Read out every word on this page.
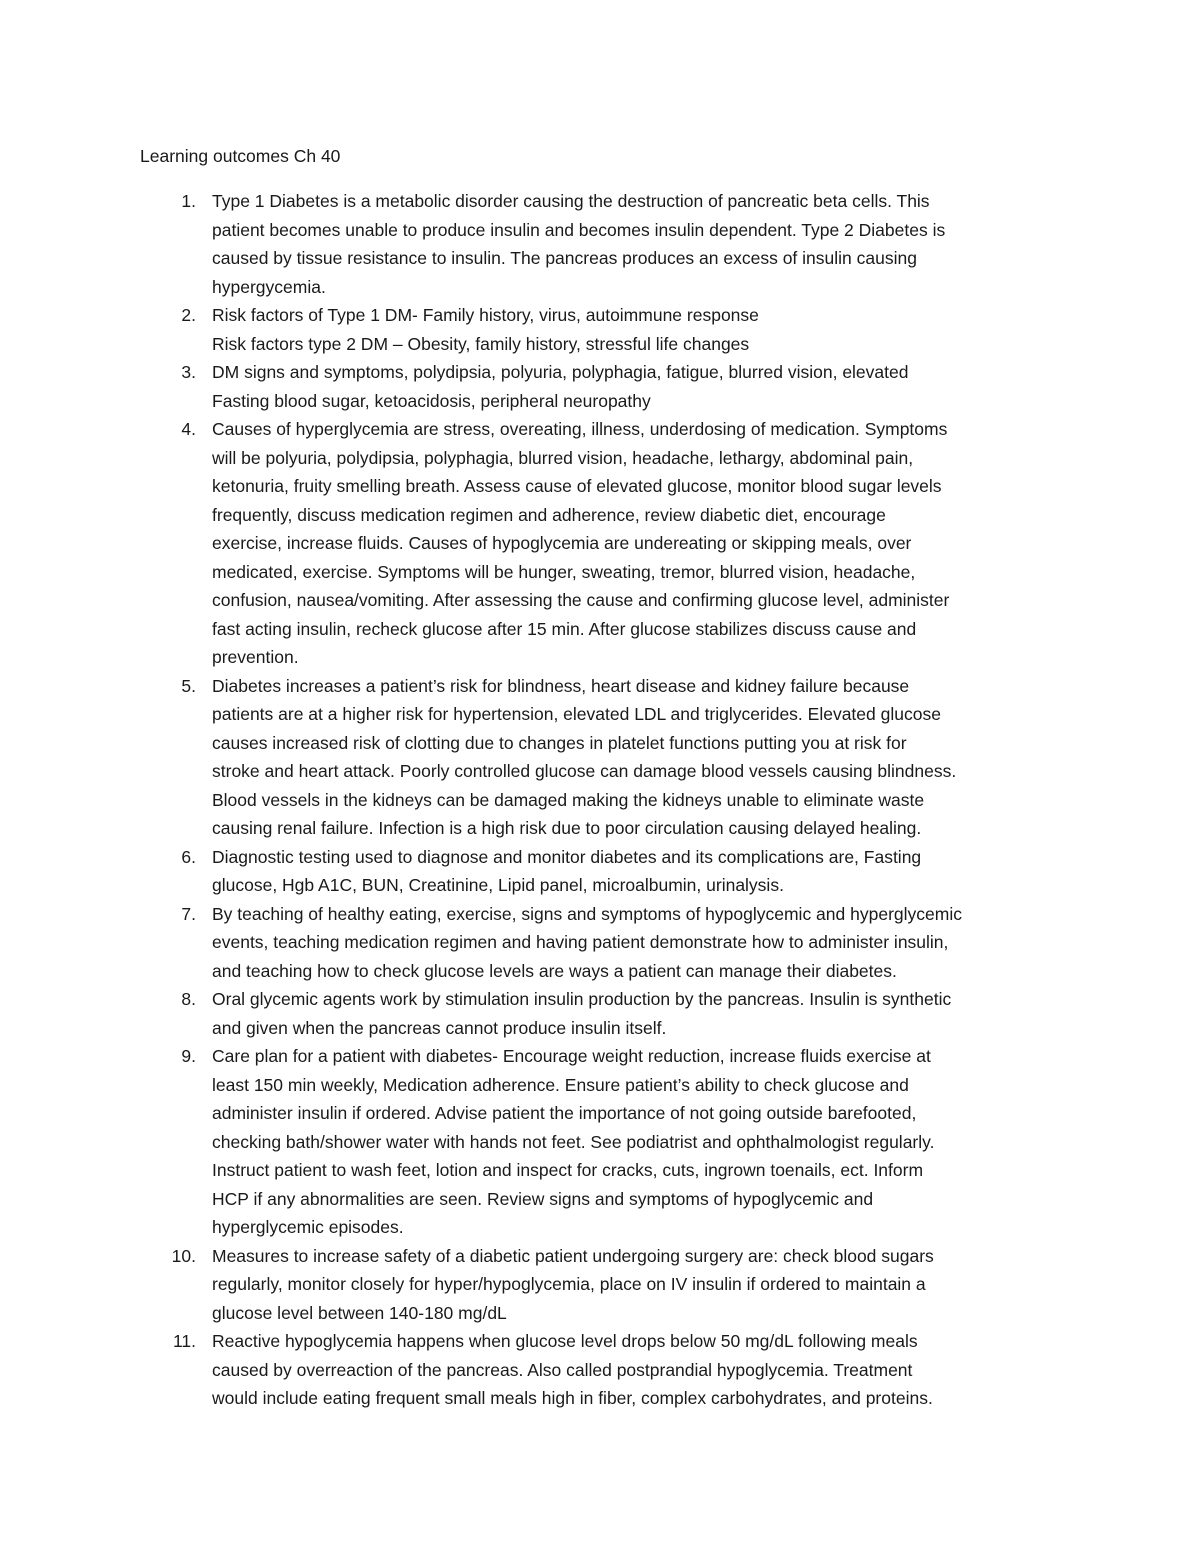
Learning outcomes Ch 40
1. Type 1 Diabetes is a metabolic disorder causing the destruction of pancreatic beta cells. This
patient becomes unable to produce insulin and becomes insulin dependent. Type 2 Diabetes is
caused by tissue resistance to insulin. The pancreas produces an excess of insulin causing
hypergycemia.
2. Risk factors of Type 1 DM- Family history, virus, autoimmune response
Risk factors type 2 DM – Obesity, family history, stressful life changes
3. DM signs and symptoms, polydipsia, polyuria, polyphagia, fatigue, blurred vision, elevated
Fasting blood sugar, ketoacidosis, peripheral neuropathy
4. Causes of hyperglycemia are stress, overeating, illness, underdosing of medication. Symptoms
will be polyuria, polydipsia, polyphagia, blurred vision, headache, lethargy, abdominal pain,
ketonuria, fruity smelling breath. Assess cause of elevated glucose, monitor blood sugar levels
frequently, discuss medication regimen and adherence, review diabetic diet, encourage
exercise, increase fluids. Causes of hypoglycemia are undereating or skipping meals, over
medicated, exercise. Symptoms will be hunger, sweating, tremor, blurred vision, headache,
confusion, nausea/vomiting. After assessing the cause and confirming glucose level, administer
fast acting insulin, recheck glucose after 15 min. After glucose stabilizes discuss cause and
prevention.
5. Diabetes increases a patient’s risk for blindness, heart disease and kidney failure because
patients are at a higher risk for hypertension, elevated LDL and triglycerides. Elevated glucose
causes increased risk of clotting due to changes in platelet functions putting you at risk for
stroke and heart attack. Poorly controlled glucose can damage blood vessels causing blindness.
Blood vessels in the kidneys can be damaged making the kidneys unable to eliminate waste
causing renal failure. Infection is a high risk due to poor circulation causing delayed healing.
6. Diagnostic testing used to diagnose and monitor diabetes and its complications are, Fasting
glucose, Hgb A1C, BUN, Creatinine, Lipid panel, microalbumin, urinalysis.
7. By teaching of healthy eating, exercise, signs and symptoms of hypoglycemic and hyperglycemic
events, teaching medication regimen and having patient demonstrate how to administer insulin,
and teaching how to check glucose levels are ways a patient can manage their diabetes.
8. Oral glycemic agents work by stimulation insulin production by the pancreas. Insulin is synthetic
and given when the pancreas cannot produce insulin itself.
9. Care plan for a patient with diabetes- Encourage weight reduction, increase fluids exercise at
least 150 min weekly, Medication adherence. Ensure patient’s ability to check glucose and
administer insulin if ordered. Advise patient the importance of not going outside barefooted,
checking bath/shower water with hands not feet. See podiatrist and ophthalmologist regularly.
Instruct patient to wash feet, lotion and inspect for cracks, cuts, ingrown toenails, ect. Inform
HCP if any abnormalities are seen. Review signs and symptoms of hypoglycemic and
hyperglycemic episodes.
10. Measures to increase safety of a diabetic patient undergoing surgery are: check blood sugars
regularly, monitor closely for hyper/hypoglycemia, place on IV insulin if ordered to maintain a
glucose level between 140-180 mg/dL
11. Reactive hypoglycemia happens when glucose level drops below 50 mg/dL following meals
caused by overreaction of the pancreas. Also called postprandial hypoglycemia. Treatment
would include eating frequent small meals high in fiber, complex carbohydrates, and proteins.
